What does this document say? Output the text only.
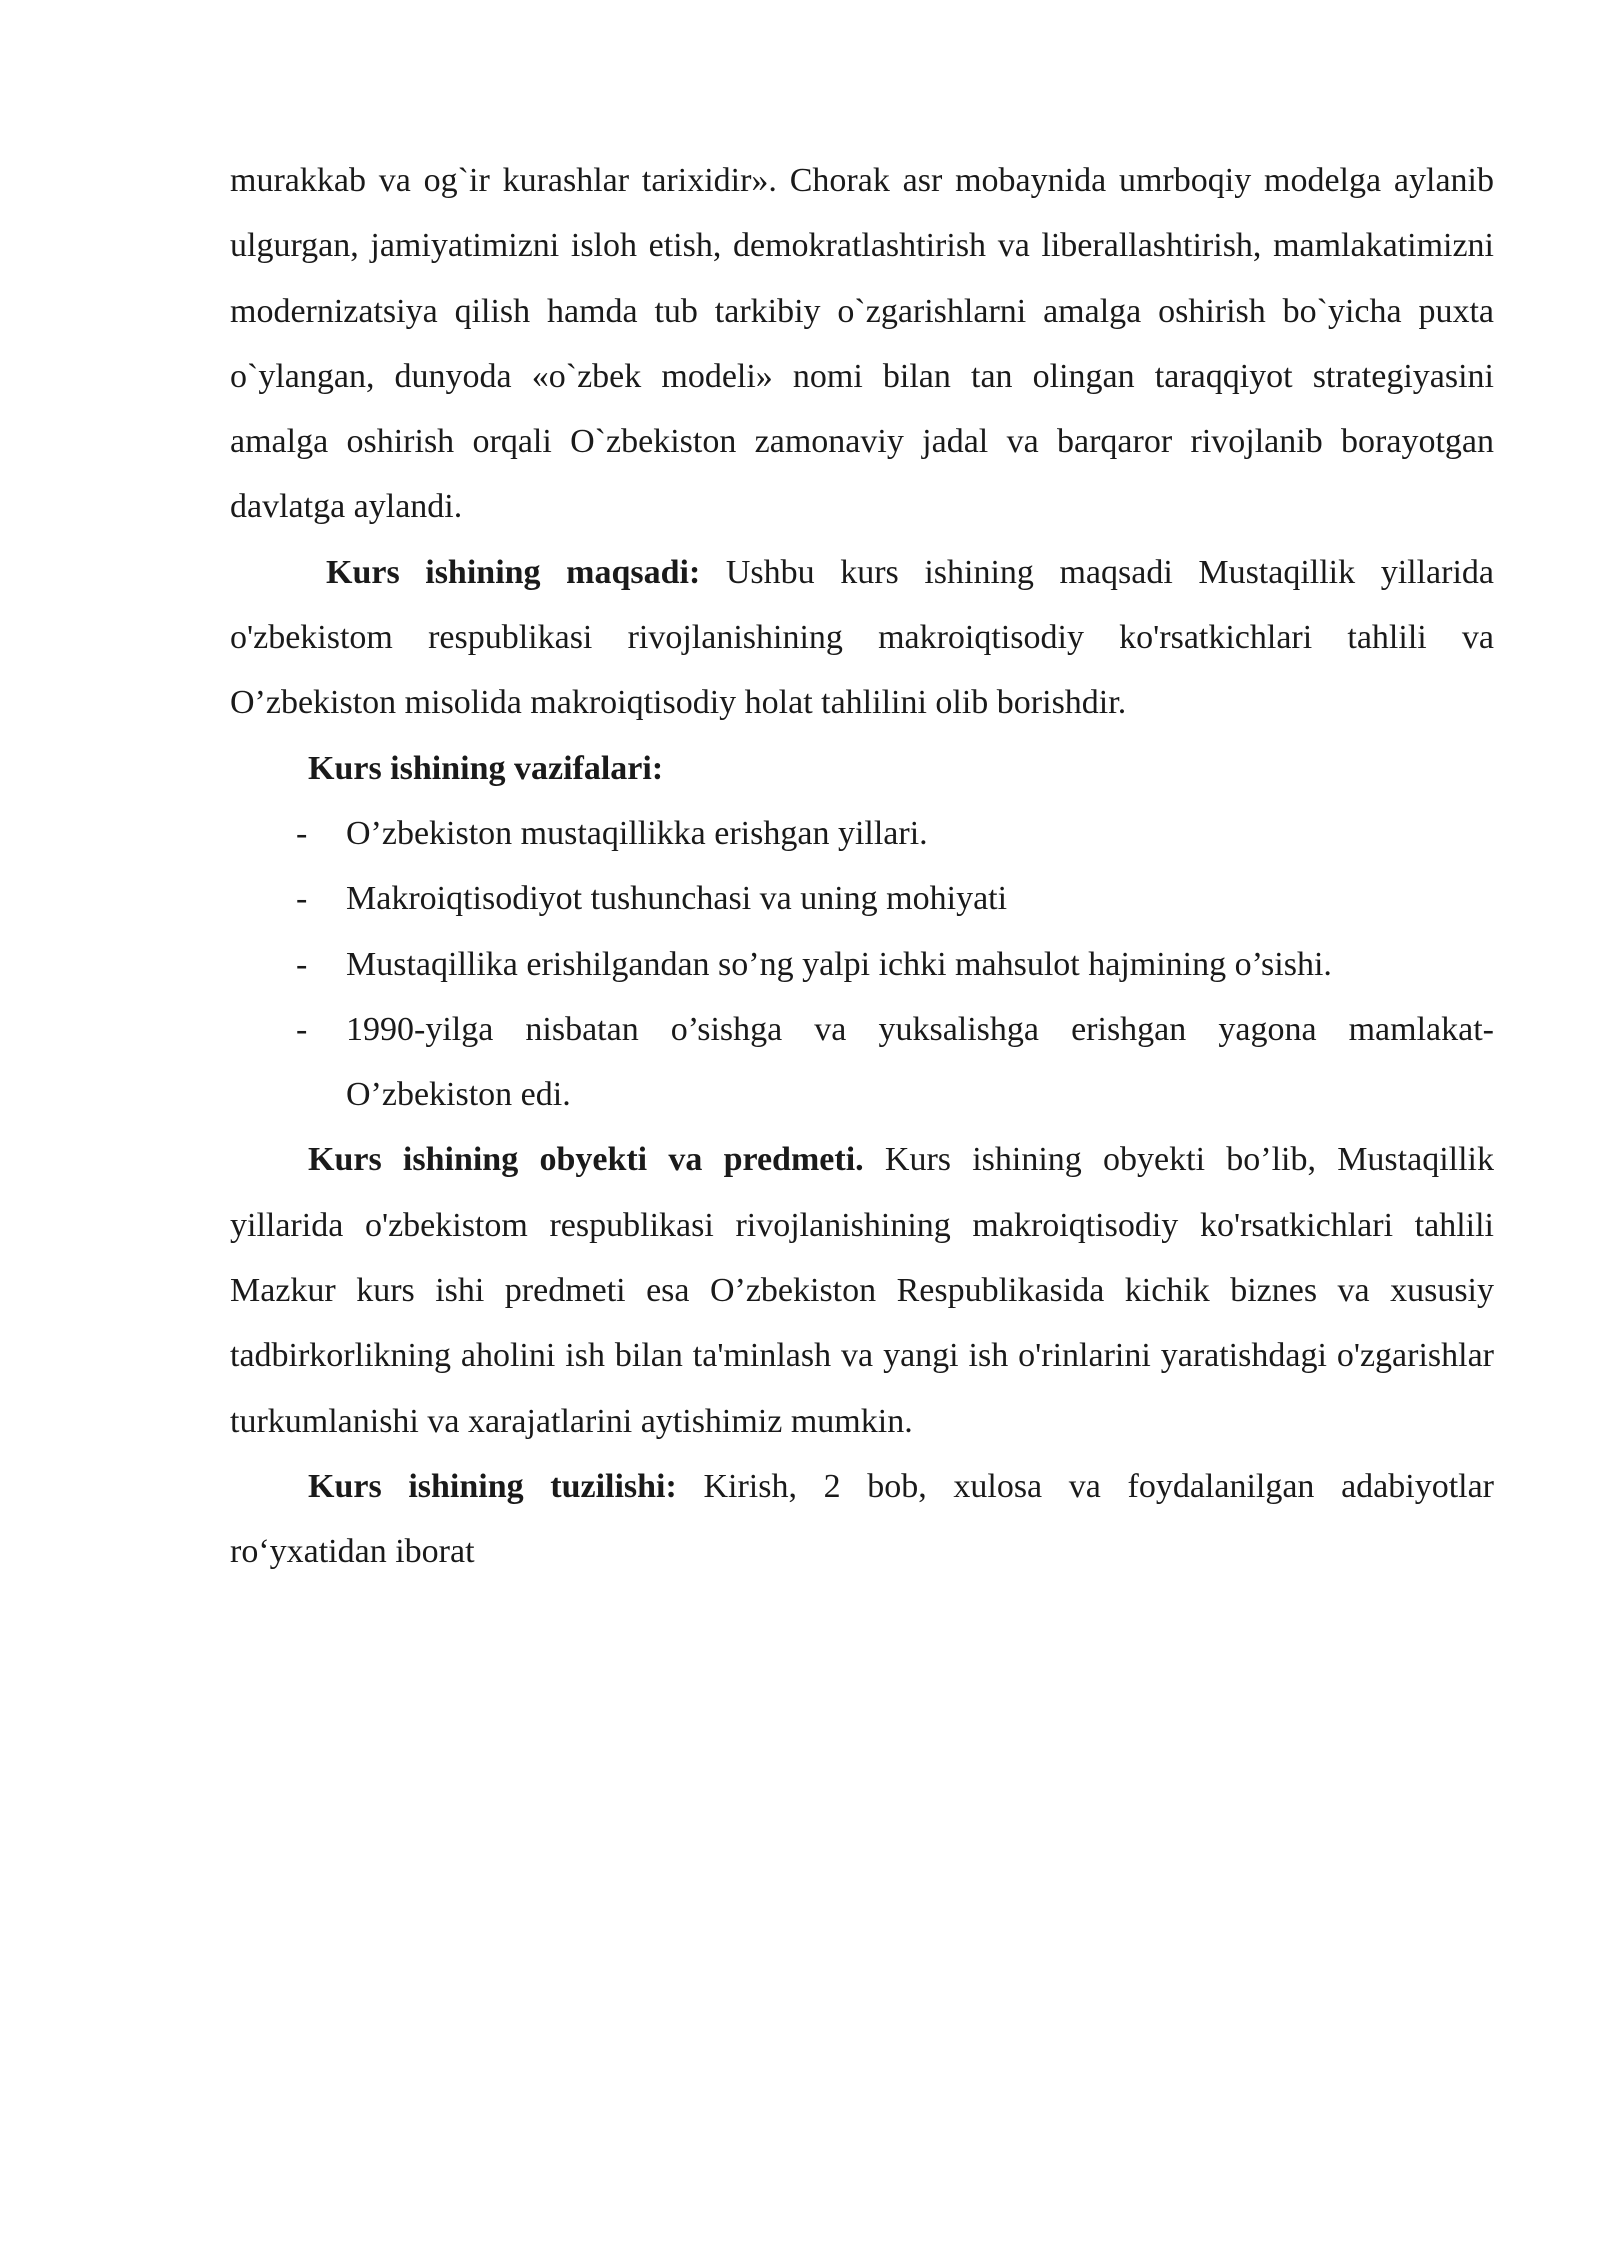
murakkab va og`ir kurashlar tarixidir». Chorak asr mobaynida umrboqiy modelga aylanib ulgurgan, jamiyatimizni isloh etish, demokratlashtirish va liberallashtirish, mamlakatimizni modernizatsiya qilish hamda tub tarkibiy o`zgarishlarni amalga oshirish bo`yicha puxta o`ylangan, dunyoda «o`zbek modeli» nomi bilan tan olingan taraqqiyot strategiyasini amalga oshirish orqali O`zbekiston zamonaviy jadal va barqaror rivojlanib borayotgan davlatga aylandi.

Kurs ishining maqsadi: Ushbu kurs ishining maqsadi Mustaqillik yillarida o'zbekistom respublikasi rivojlanishining makroiqtisodiy ko'rsatkichlari tahlili va O’zbekiston misolida makroiqtisodiy holat tahlilini olib borishdir.

Kurs ishining vazifalari:

- O’zbekiston mustaqillikka erishgan yillari.
- Makroiqtisodiyot tushunchasi va uning mohiyati
- Mustaqillika erishilgandan so’ng yalpi ichki mahsulot hajmining o’sishi.
- 1990-yilga nisbatan o’sishga va yuksalishga erishgan yagona mamlakat- O’zbekiston edi.

Kurs ishining obyekti va predmeti. Kurs ishining obyekti bo’lib, Mustaqillik yillarida o'zbekistom respublikasi rivojlanishining makroiqtisodiy ko'rsatkichlari tahlili Mazkur kurs ishi predmeti esa O’zbekiston Respublikasida kichik biznes va xususiy tadbirkorlikning aholini ish bilan ta'minlash va yangi ish o'rinlarini yaratishdagi o'zgarishlar turkumlanishi va xarajatlarini aytishimiz mumkin.

Kurs ishining tuzilishi: Kirish, 2 bob, xulosa va foydalanilgan adabiyotlar ro‘yxatidan iborat
